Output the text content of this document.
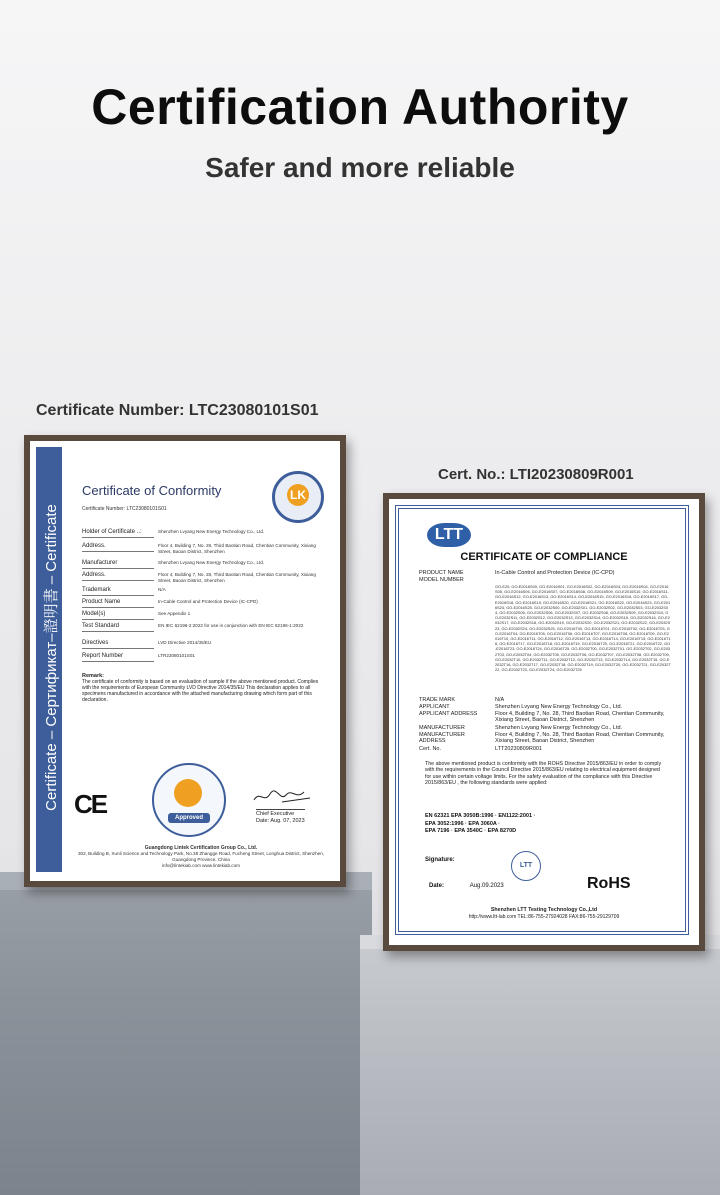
Certification Authority
Safer and more reliable
Certificate Number: LTC23080101S01
Cert. No.: LTI20230809R001
Certificate – Сертификат–證明書 – Certificate
Certificate of Conformity
Certificate Number: LTC23080101S01
LK
Holder of Certificate ..:	Shenzhen Lvyang New Energy Technology Co., Ltd.
Address.	Floor 4, Building 7, No. 28, Third Baotian Road, Chentian Community, Xixiang Street, Baoan District, Shenzhen
Manufacturer	Shenzhen Lvyang New Energy Technology Co., Ltd.
Address.	Floor 4, Building 7, No. 28, Third Baotian Road, Chentian Community, Xixiang Street, Baoan District, Shenzhen
Trademark	N/A
Product Name	In-Cable Control and Protection Device (IC-CPD)
Model(s)	See Appendix 1
Test Standard	EN IEC 62196-2:2022 for use in conjunction with EN IEC 62196-1:2022
Directives	LVD Directive 2014/35/EU
Report Number	LTR23080101S01
Remark:
The certificate of conformity is based on an evaluation of sample if the above mentioned product. Complies with the requirements of European Community LVD Directive 2014/35/EU This declaration applies to all specimens manufactured in accordance with the attached manufacturing drawing which form part of this declaration.
CE	Approved
Chief Executive
Date: Aug. 07, 2023
Guangdong Lintek Certification Group Co., Ltd.
302, Building B, Xunli Science and Technology Park, No.38 Zhangge Road, Fucheng Street, Longhua District, Shenzhen, Guangdong Province, China
info@lintekiab.com www.lintekiab.com
LTT
CERTIFICATE OF COMPLIANCE
PRODUCT NAME	In-Cable Control and Protection Device (IC-CPD)
MODEL NUMBER
GO-E20, GO-E2016S00, GO-E2016S01, GO-E2016S02, GO-E2016S03, GO-E2016S04, GO-E2016S05, GO-E2016S06, GO-E2016S07, GO-E2016S08, GO-E2016S09, GO-E2016S10, GO-E2016S11, GO-E2016S12, GO-E2016S13, GO-E2016S14, GO-E2016S15, GO-E2016S16, GO-E2016S17, GO-E2016S18, GO-E2016S19, GO-E2016S20, GO-E2016S21, GO-E2016S22, GO-E2016S23, GO-E2016S24, GO-E2016S25, GO-E2032S00, GO-E2032S01, GO-E2032S02, GO-E2032S03, GO-E2032S04, GO-E2032S05, GO-E2032S06, GO-E2032S07, GO-E2032S08, GO-E2032S09, GO-E2032S10, GO-E2032S11, GO-E2032S12, GO-E2032S13, GO-E2032S14, GO-E2032S15, GO-E2032S16, GO-E2032S17, GO-E2032S18, GO-E2032S19, GO-E2032S20, GO-E2032S21, GO-E2032S22, GO-E2032S23, GO-E2032S24, GO-E2032S25, GO-E2016T00, GO-E2016T01, GO-E2016T02, GO-E2016T03, GO-E2016T04, GO-E2016T05, GO-E2016T06, GO-E2016T07, GO-E2016T08, GO-E2016T09, GO-E2016T10, GO-E2016T11, GO-E2016T12, GO-E2016T13, GO-E2016T14, GO-E2016T15, GO-E2016T16, GO-E2016T17, GO-E2016T18, GO-E2016T19, GO-E2016T20, GO-E2016T21, GO-E2016T22, GO-E2016T23, GO-E2016T24, GO-E2016T25, GO-E2032T00, GO-E2032T01, GO-E2032T02, GO-E2032T03, GO-E2032T04, GO-E2032T05, GO-E2032T06, GO-E2032T07, GO-E2032T08, GO-E2032T09, GO-E2032T10, GO-E2032T11, GO-E2032T12, GO-E2032T13, GO-E2032T14, GO-E2032T15, GO-E2032T16, GO-E2032T17, GO-E2032T18, GO-E2032T19, GO-E2032T20, GO-E2032T21, GO-E2032T22, GO-E2032T23, GO-E2032T24, GO-E2032T25
TRADE MARK	N/A
APPLICANT	Shenzhen Lvyang New Energy Technology Co., Ltd.
APPLICANT ADDRESS	Floor 4, Building 7, No. 28, Third Baotian Road, Chentian Community, Xixiang Street, Baoan District, Shenzhen
MANUFACTURER	Shenzhen Lvyang New Energy Technology Co., Ltd.
MANUFACTURER ADDRESS
Floor 4, Building 7, No. 28, Third Baotian Road, Chentian Community, Xixiang Street, Baoan District, Shenzhen
Cert. No.	LTT20230809R001
The above mentioned product is conformity with the ROHS Directive 2015/863/EU in order to comply with the requirements in the Council Directive 2015/863/EU relating to electrical equipment designed for use within certain voltage limits. For the safety evaluation of the compliance with this Directive 2015/863/EU , the following standards were applied:
EN 62321 EPA 3050B:1996 · EN1122:2001 ·
EPA 3052:1996 · EPA 3060A ·
EPA 7196 · EPA 3540C · EPA 8270D
Signature:
LTT
Date:	Aug.09.2023	RoHS
Shenzhen LTT Testing Technology Co.,Ltd
http://www.ltt-lab.com TEL:86-755-27924028 FAX:86-755-29129709
